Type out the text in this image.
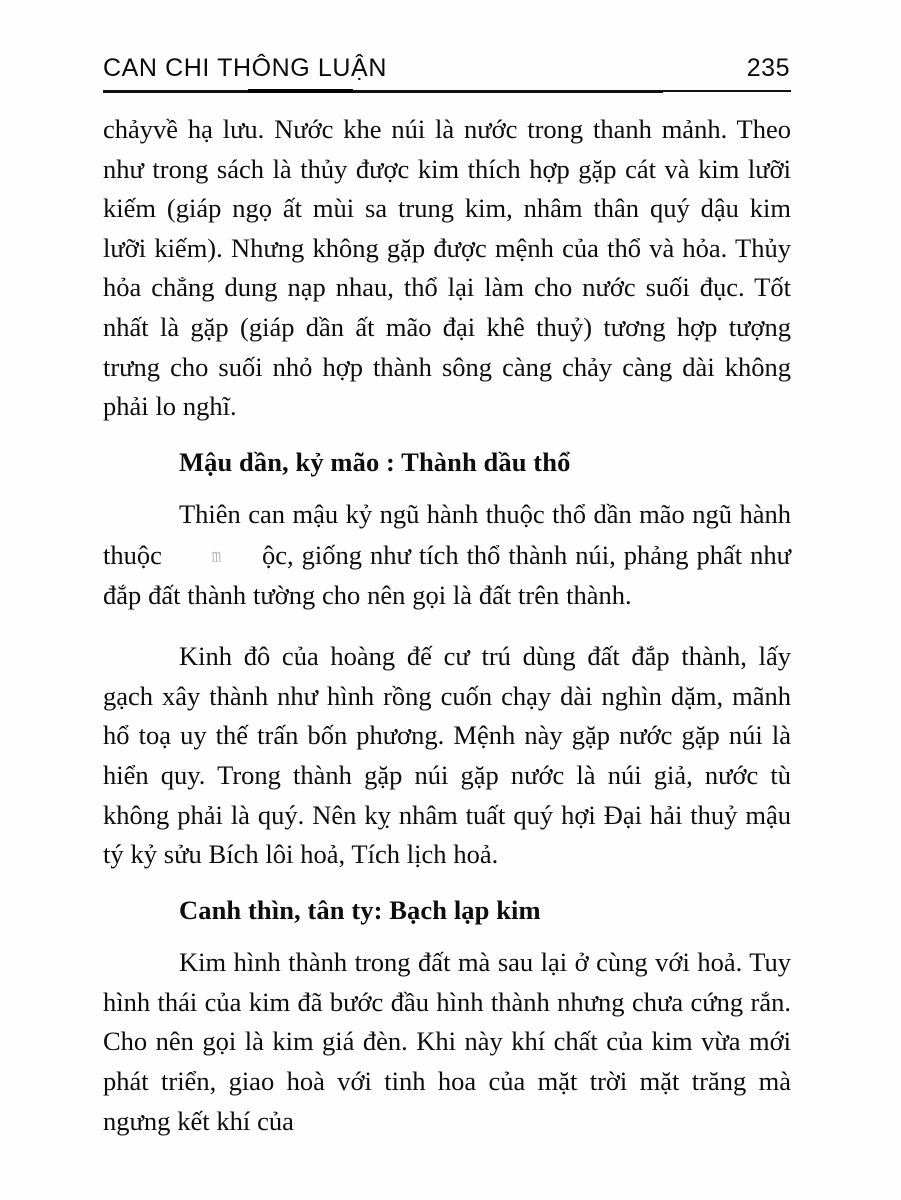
CAN CHI THÔNG LUẬN	235

chảyvề hạ lưu. Nước khe núi là nước trong thanh mảnh. Theo như trong sách là thủy được kim thích hợp gặp cát và kim lưỡi kiếm (giáp ngọ ất mùi sa trung kim, nhâm thân quý dậu kim lưỡi kiếm). Nhưng không gặp được mệnh của thổ và hỏa. Thủy hỏa chẳng dung nạp nhau, thổ lại làm cho nước suối đục. Tốt nhất là gặp (giáp dần ất mão đại khê thuỷ) tương hợp tượng trưng cho suối nhỏ hợp thành sông càng chảy càng dài không phải lo nghĩ.

Mậu dần, kỷ mão : Thành dầu thổ

Thiên can mậu kỷ ngũ hành thuộc thổ dần mão ngũ hành thuộc m ộc, giống như tích thổ thành núi, phảng phất như đắp đất thành tường cho nên gọi là đất trên thành.

Kinh đô của hoàng đế cư trú dùng đất đắp thành, lấy gạch xây thành như hình rồng cuốn chạy dài nghìn dặm, mãnh hổ toạ uy thế trấn bốn phương. Mệnh này gặp nước gặp núi là hiển quy. Trong thành gặp núi gặp nước là núi giả, nước tù không phải là quý. Nên kỵ nhâm tuất quý hợi Đại hải thuỷ mậu tý kỷ sửu Bích lôi hoả, Tích lịch hoả.

Canh thìn, tân ty: Bạch lạp kim

Kim hình thành trong đất mà sau lại ở cùng với hoả. Tuy hình thái của kim đã bước đầu hình thành nhưng chưa cứng rắn. Cho nên gọi là kim giá đèn. Khi này khí chất của kim vừa mới phát triển, giao hoà với tinh hoa của mặt trời mặt trăng mà ngưng kết khí của
